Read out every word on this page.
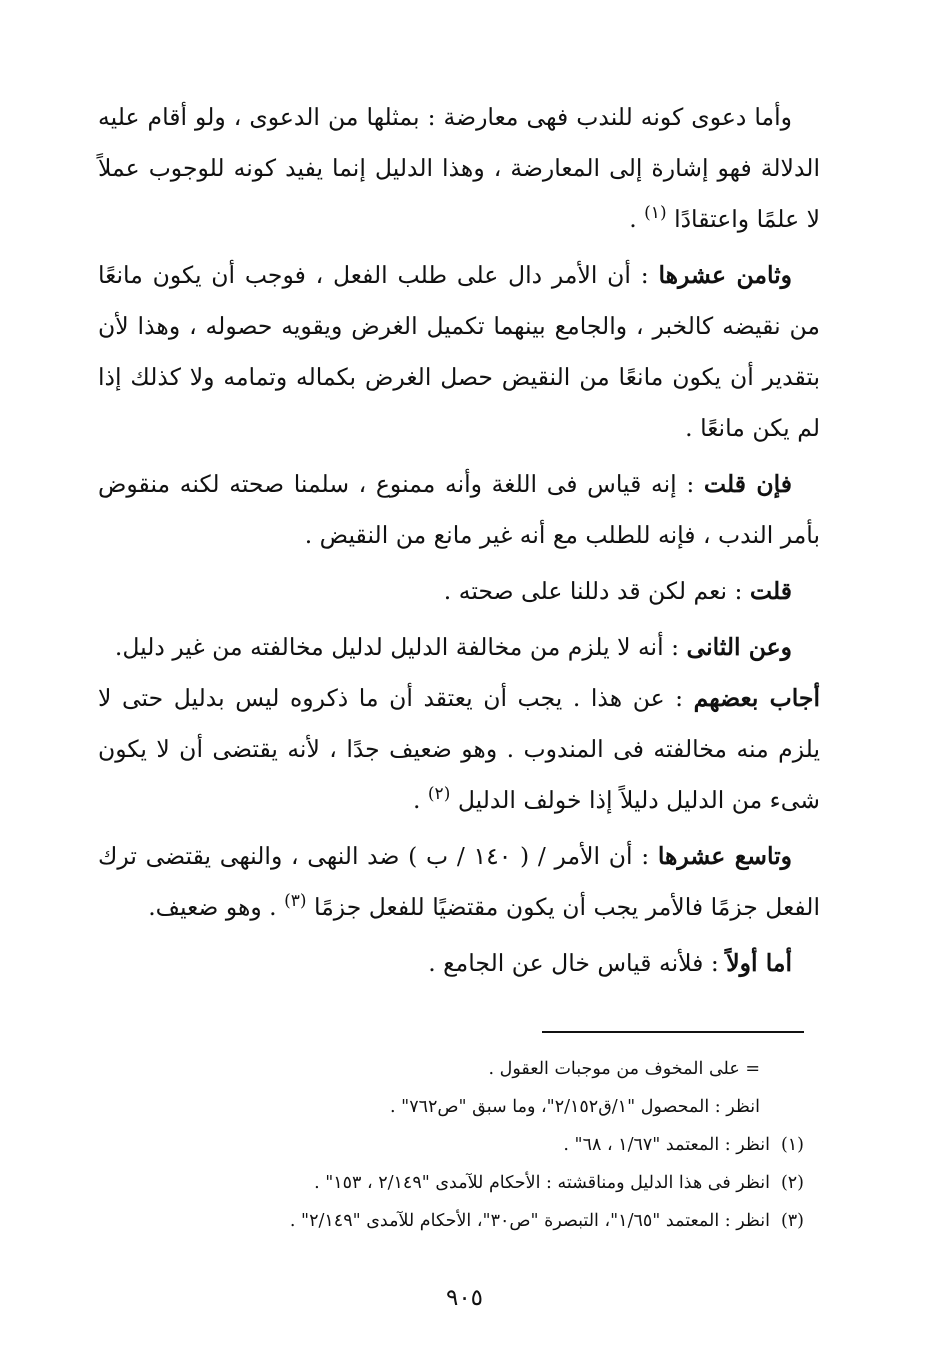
وأما دعوى كونه للندب فهى معارضة : بمثلها من الدعوى ، ولو أقام عليه الدلالة فهو إشارة إلى المعارضة ، وهذا الدليل إنما يفيد كونه للوجوب عملاً لا علمًا واعتقادًا $^{(١)}$ .

وثامن عشرها : أن الأمر دال على طلب الفعل ، فوجب أن يكون مانعًا من نقيضه كالخبر ، والجامع بينهما تكميل الغرض ويقويه حصوله ، وهذا لأن بتقدير أن يكون مانعًا من النقيض حصل الغرض بكماله وتمامه ولا كذلك إذا لم يكن مانعًا .

فإن قلت : إنه قياس فى اللغة وأنه ممنوع ، سلمنا صحته لكنه منقوض بأمر الندب ، فإنه للطلب مع أنه غير مانع من النقيض .

قلت : نعم لكن قد دللنا على صحته .

وعن الثانى : أنه لا يلزم من مخالفة الدليل لدليل مخالفته من غير دليل.

أجاب بعضهم : عن هذا . يجب أن يعتقد أن ما ذكروه ليس بدليل حتى لا يلزم منه مخالفته فى المندوب . وهو ضعيف جدًا ، لأنه يقتضى أن لا يكون شىء من الدليل دليلاً إذا خولف الدليل $^{(٢)}$ .

وتاسع عشرها : أن الأمر / ( ١٤٠ / ب ) ضد النهى ، والنهى يقتضى ترك الفعل جزمًا فالأمر يجب أن يكون مقتضيًا للفعل جزمًا $^{(٣)}$ . وهو ضعيف.

أما أولاً : فلأنه قياس خال عن الجامع .

= على المخوف من موجبات العقول .

انظر : المحصول "١/ق٢/١٥٢"، وما سبق "ص٧٦٢" .

(١)انظر : المعتمد "١/٦٧ ، ٦٨" .

(٢)انظر فى هذا الدليل ومناقشته : الأحكام للآمدى "٢/١٤٩ ، ١٥٣" .

(٣)انظر : المعتمد "١/٦٥"، التبصرة "ص٣٠"، الأحكام للآمدى "٢/١٤٩" .

٩٠٥
